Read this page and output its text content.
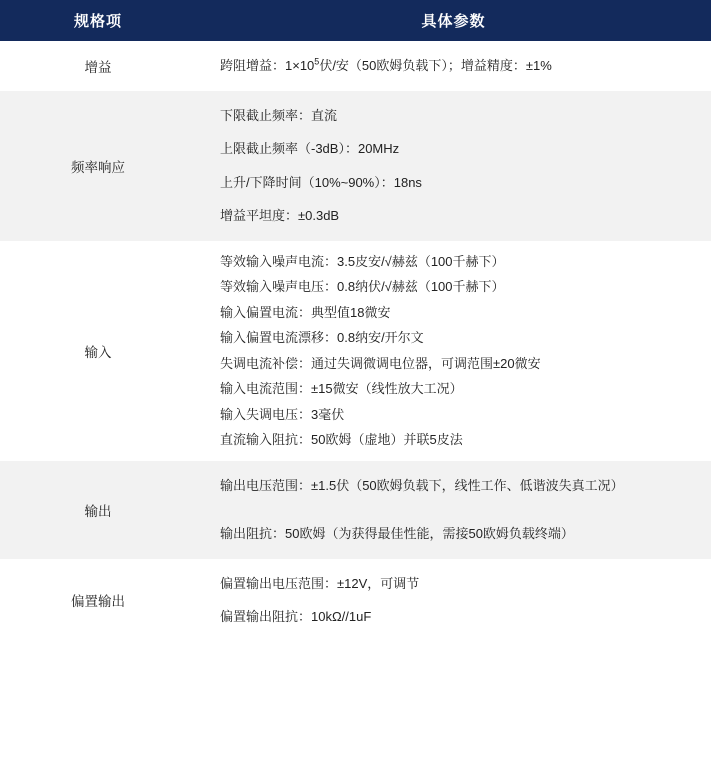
规格项	具体参数
增益	跨阻增益：$1\times 10^5$伏/安（50欧姆负载下）；增益精度：±1%

频率响应	下限截止频率：直流
上限截止频率（-3dB）：20MHz
上升/下降时间（10%~90%）：18ns
增益平坦度：±0.3dB

输入	
等效输入噪声电流：3.5皮安/√赫兹（100千赫下）
等效输入噪声电压：0.8纳伏/√赫兹（100千赫下）
输入偏置电流：典型值18微安
输入偏置电流漂移：0.8纳安/开尔文
失调电流补偿：通过失调微调电位器，可调范围±20微安
输入电流范围：±15微安（线性放大工况）
输入失调电压：3毫伏
直流输入阻抗：50欧姆（虚地）并联5皮法

输出	输出电压范围：±1.5伏（50欧姆负载下，线性工作、低谐波失真工况）
输出阻抗：50欧姆（为获得最佳性能，需接50欧姆负载终端）

偏置输出	偏置输出电压范围：±12V，可调节
偏置输出阻抗：10kΩ//1uF
